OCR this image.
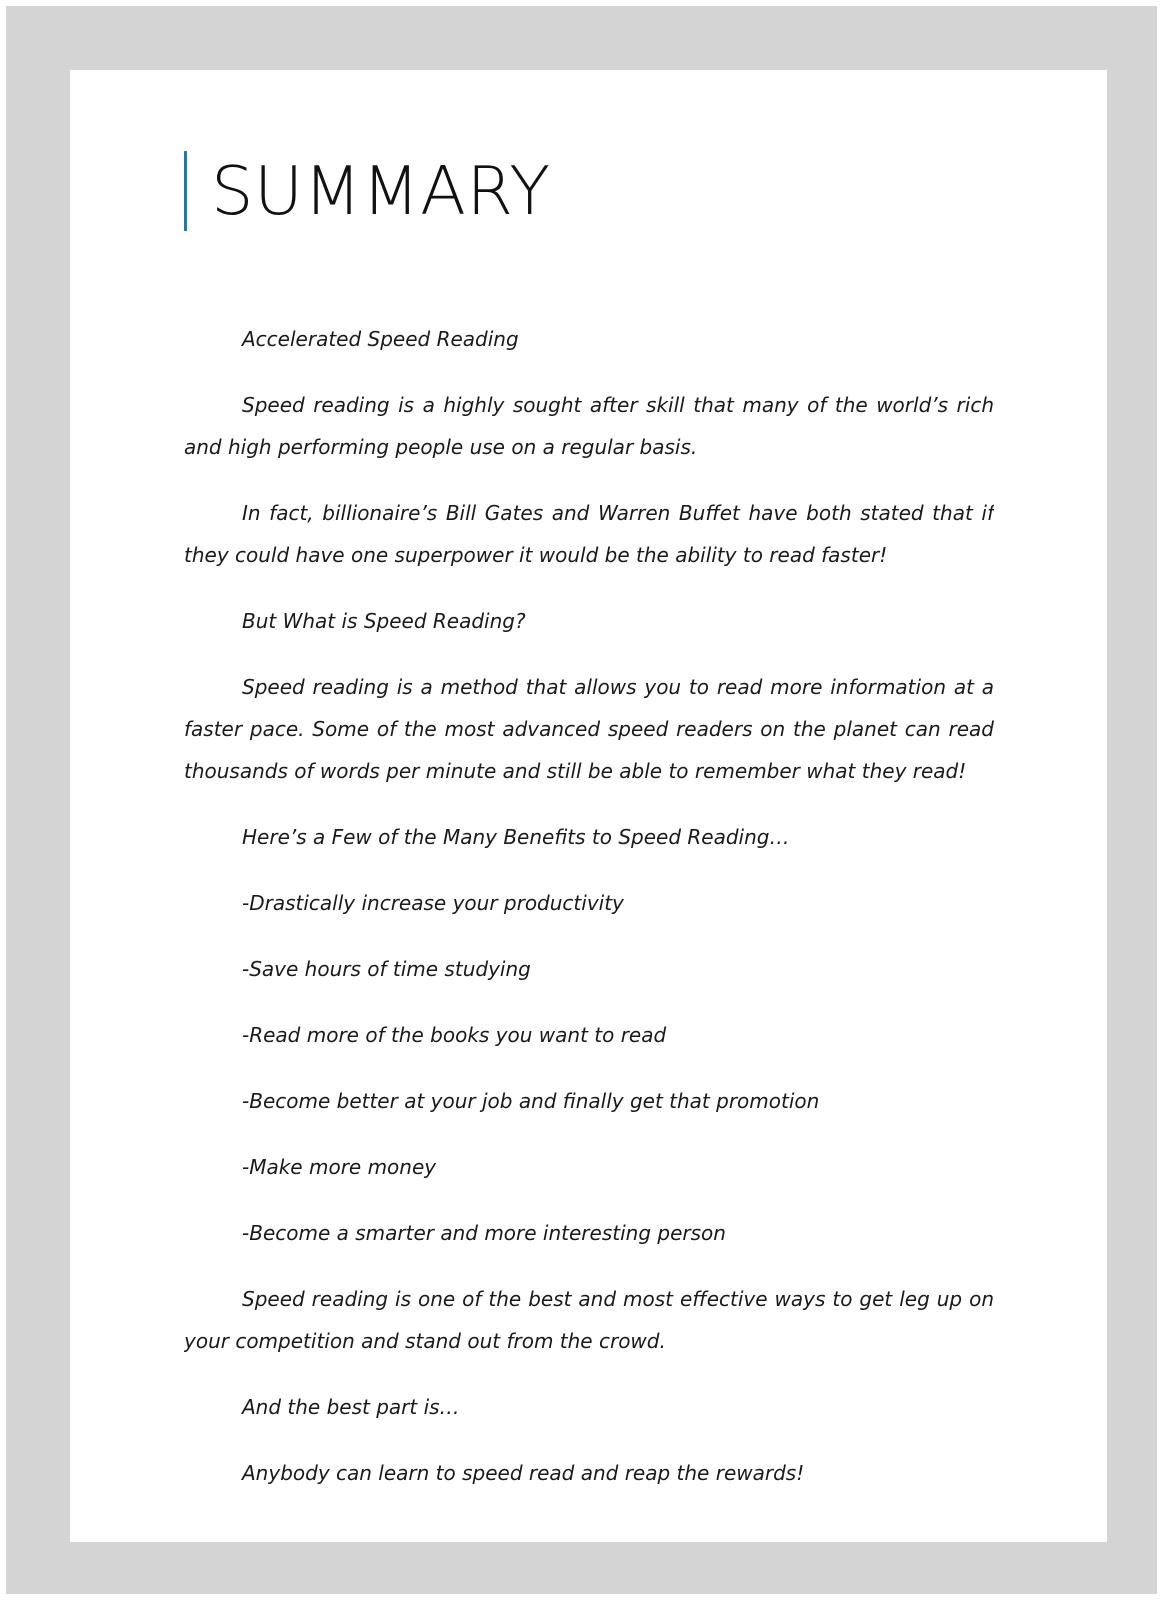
SUMMARY

Accelerated Speed Reading

Speed reading is a highly sought after skill that many of the world’s rich and high performing people use on a regular basis.

In fact, billionaire’s Bill Gates and Warren Buffet have both stated that if they could have one superpower it would be the ability to read faster!

But What is Speed Reading?

Speed reading is a method that allows you to read more information at a faster pace. Some of the most advanced speed readers on the planet can read thousands of words per minute and still be able to remember what they read!

Here’s a Few of the Many Benefits to Speed Reading…

-Drastically increase your productivity

-Save hours of time studying

-Read more of the books you want to read

-Become better at your job and finally get that promotion

-Make more money

-Become a smarter and more interesting person

Speed reading is one of the best and most effective ways to get leg up on your competition and stand out from the crowd.

And the best part is…

Anybody can learn to speed read and reap the rewards!
